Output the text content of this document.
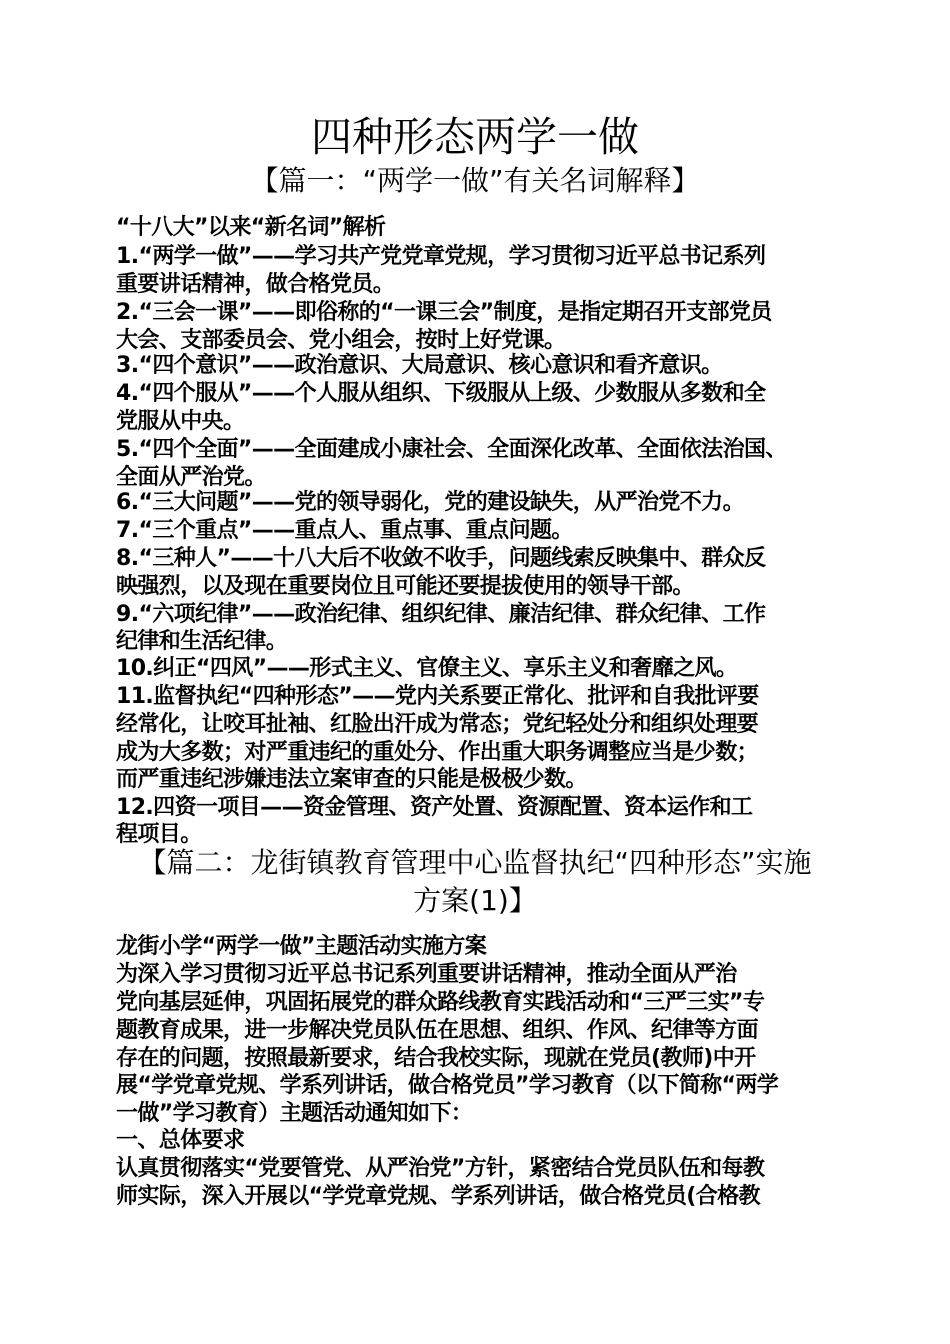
四种形态两学一做
【篇一：“两学一做”有关名词解释】
“十八大”以来“新名词”解析
1.“两学一做”——学习共产党党章党规，学习贯彻习近平总书记系列
重要讲话精神，做合格党员。
2.“三会一课”——即俗称的“一课三会”制度，是指定期召开支部党员
大会、支部委员会、党小组会，按时上好党课。
3.“四个意识”——政治意识、大局意识、核心意识和看齐意识。
4.“四个服从”——个人服从组织、下级服从上级、少数服从多数和全
党服从中央。
5.“四个全面”——全面建成小康社会、全面深化改革、全面依法治国、
全面从严治党。
6.“三大问题”——党的领导弱化，党的建设缺失，从严治党不力。
7.“三个重点”——重点人、重点事、重点问题。
8.“三种人”——十八大后不收敛不收手，问题线索反映集中、群众反
映强烈，以及现在重要岗位且可能还要提拔使用的领导干部。
9.“六项纪律”——政治纪律、组织纪律、廉洁纪律、群众纪律、工作
纪律和生活纪律。
10.纠正“四风”——形式主义、官僚主义、享乐主义和奢靡之风。
11.监督执纪“四种形态”——党内关系要正常化、批评和自我批评要
经常化，让咬耳扯袖、红脸出汗成为常态；党纪轻处分和组织处理要
成为大多数；对严重违纪的重处分、作出重大职务调整应当是少数；
而严重违纪涉嫌违法立案审查的只能是极极少数。
12.四资一项目——资金管理、资产处置、资源配置、资本运作和工
程项目。
【篇二：龙街镇教育管理中心监督执纪“四种形态”实施
方案(1)】
龙街小学“两学一做”主题活动实施方案
为深入学习贯彻习近平总书记系列重要讲话精神，推动全面从严治
党向基层延伸，巩固拓展党的群众路线教育实践活动和“三严三实”专
题教育成果，进一步解决党员队伍在思想、组织、作风、纪律等方面
存在的问题，按照最新要求，结合我校实际，现就在党员(教师)中开
展“学党章党规、学系列讲话，做合格党员”学习教育（以下简称“两学
一做”学习教育）主题活动通知如下：
一、总体要求
认真贯彻落实“党要管党、从严治党”方针，紧密结合党员队伍和每教
师实际，深入开展以“学党章党规、学系列讲话，做合格党员(合格教
